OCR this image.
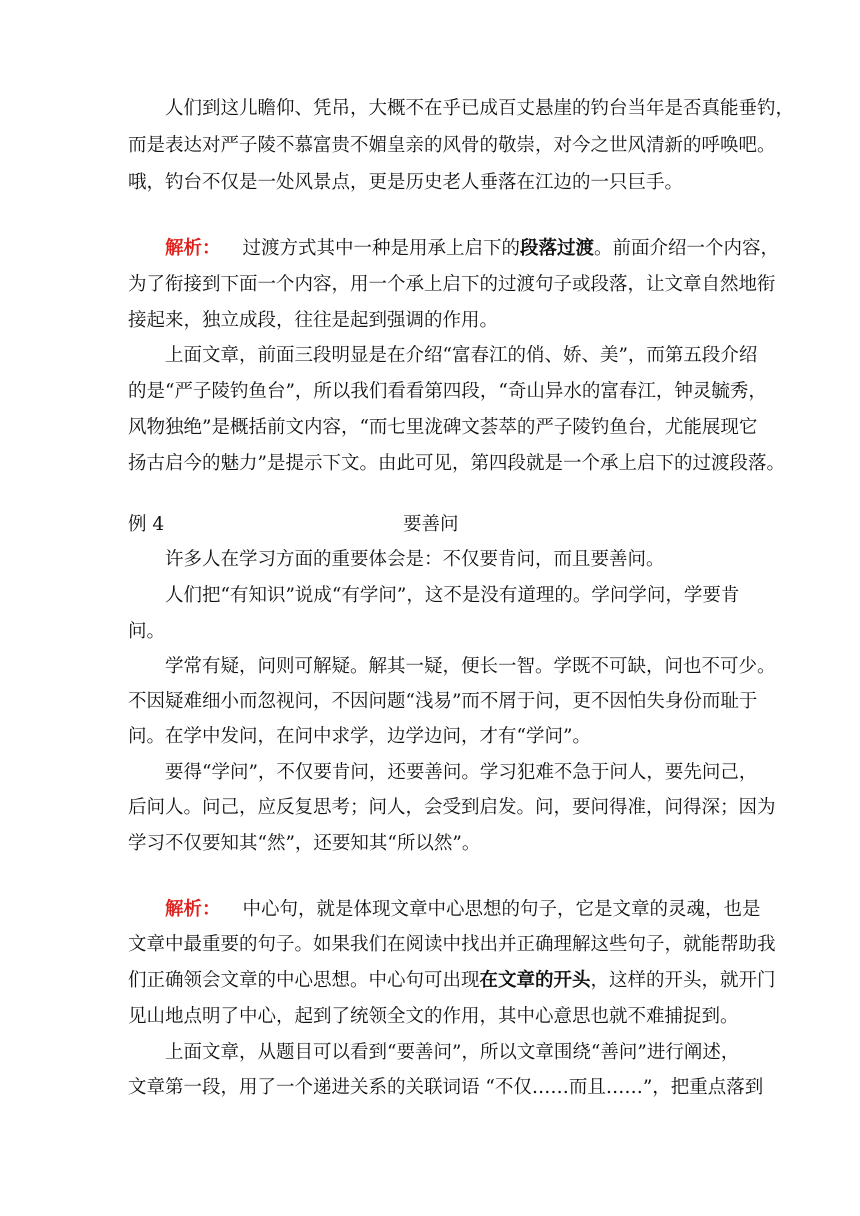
人们到这儿瞻仰、凭吊，大概不在乎已成百丈悬崖的钓台当年是否真能垂钓，
而是表达对严子陵不慕富贵不媚皇亲的风骨的敬崇，对今之世风清新的呼唤吧。
哦，钓台不仅是一处风景点，更是历史老人垂落在江边的一只巨手。
解析： 过渡方式其中一种是用承上启下的段落过渡。前面介绍一个内容，
为了衔接到下面一个内容，用一个承上启下的过渡句子或段落，让文章自然地衔
接起来，独立成段，往往是起到强调的作用。
上面文章，前面三段明显是在介绍“富春江的俏、娇、美”，而第五段介绍
的是“严子陵钓鱼台”，所以我们看看第四段，“奇山异水的富春江，钟灵毓秀，
风物独绝”是概括前文内容，“而七里泷碑文荟萃的严子陵钓鱼台，尤能展现它
扬古启今的魅力”是提示下文。由此可见，第四段就是一个承上启下的过渡段落。
例 4	要善问
许多人在学习方面的重要体会是：不仅要肯问，而且要善问。
人们把“有知识”说成“有学问”，这不是没有道理的。学问学问，学要肯
问。
学常有疑，问则可解疑。解其一疑，便长一智。学既不可缺，问也不可少。
不因疑难细小而忽视问，不因问题“浅易”而不屑于问，更不因怕失身份而耻于
问。在学中发问，在问中求学，边学边问，才有“学问”。
要得“学问”，不仅要肯问，还要善问。学习犯难不急于问人，要先问己，
后问人。问己，应反复思考；问人，会受到启发。问，要问得准，问得深；因为
学习不仅要知其“然”，还要知其“所以然”。
解析： 中心句，就是体现文章中心思想的句子，它是文章的灵魂，也是
文章中最重要的句子。如果我们在阅读中找出并正确理解这些句子，就能帮助我
们正确领会文章的中心思想。中心句可出现在文章的开头，这样的开头，就开门
见山地点明了中心，起到了统领全文的作用，其中心意思也就不难捕捉到。
上面文章，从题目可以看到“要善问”，所以文章围绕“善问”进行阐述，
文章第一段，用了一个递进关系的关联词语 “不仅……而且……”，把重点落到
